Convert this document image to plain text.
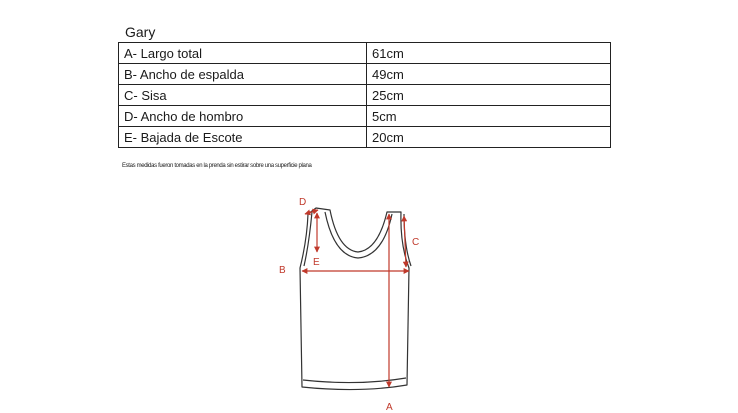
Gary
A- Largo total	61cm
B- Ancho de espalda	49cm
C- Sisa	25cm
D- Ancho de hombro	5cm
E- Bajada de Escote	20cm
Estas medidas fueron tomadas en la prenda sin estirar sobre una superficie plana
A
B
C
D
E
